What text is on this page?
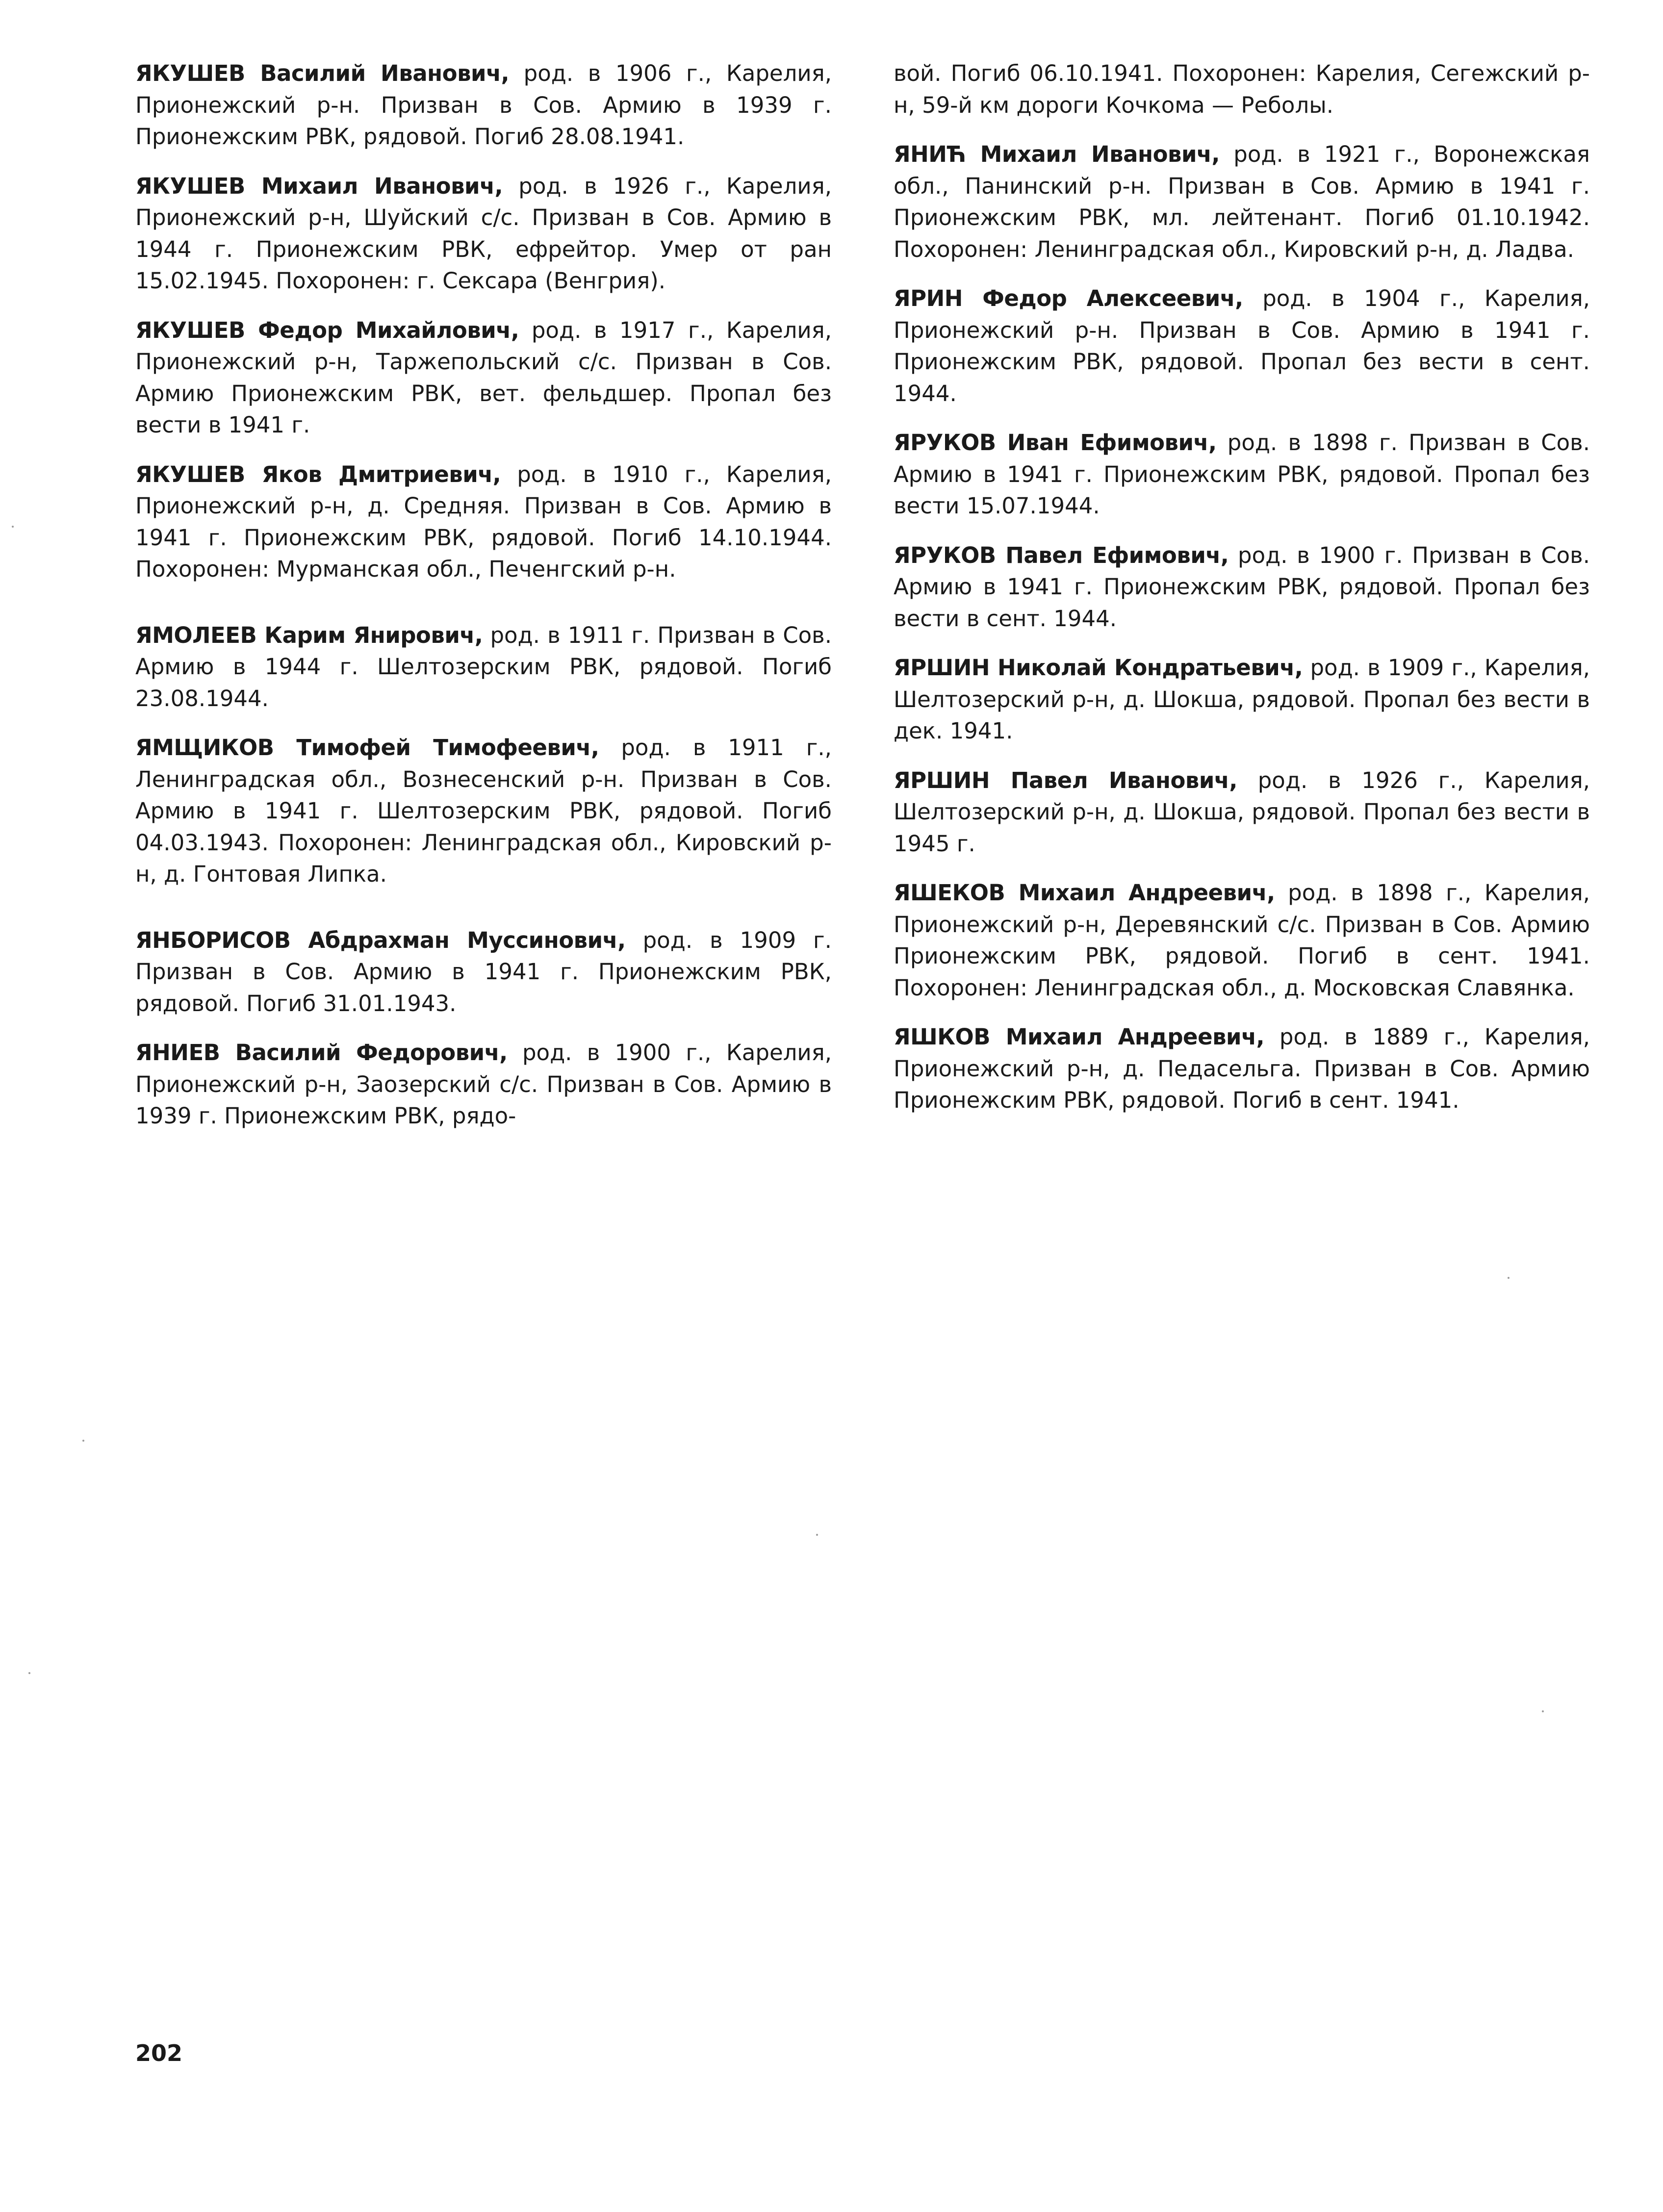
ЯКУШЕВ Василий Иванович, род. в 1906 г., Карелия, Прионежский р-н. Призван в Сов. Армию в 1939 г. Прионежским РВК, рядовой. Погиб 28.08.1941.

ЯКУШЕВ Михаил Иванович, род. в 1926 г., Карелия, Прионежский р-н, Шуйский с/с. Призван в Сов. Армию в 1944 г. Прионежским РВК, ефрейтор. Умер от ран 15.02.1945. Похоронен: г. Сексара (Венгрия).

ЯКУШЕВ Федор Михайлович, род. в 1917 г., Карелия, Прионежский р-н, Таржепольский с/с. Призван в Сов. Армию Прионежским РВК, вет. фельдшер. Пропал без вести в 1941 г.

ЯКУШЕВ Яков Дмитриевич, род. в 1910 г., Карелия, Прионежский р-н, д. Средняя. Призван в Сов. Армию в 1941 г. Прионежским РВК, рядовой. Погиб 14.10.1944. Похоронен: Мурманская обл., Печенгский р-н.

ЯМОЛЕЕВ Карим Янирович, род. в 1911 г. Призван в Сов. Армию в 1944 г. Шелтозерским РВК, рядовой. Погиб 23.08.1944.

ЯМЩИКОВ Тимофей Тимофеевич, род. в 1911 г., Ленинградская обл., Вознесенский р-н. Призван в Сов. Армию в 1941 г. Шелтозерским РВК, рядовой. Погиб 04.03.1943. Похоронен: Ленинградская обл., Кировский р-н, д. Гонтовая Липка.

ЯНБОРИСОВ Абдрахман Муссинович, род. в 1909 г. Призван в Сов. Армию в 1941 г. Прионежским РВК, рядовой. Погиб 31.01.1943.

ЯНИЕВ Василий Федорович, род. в 1900 г., Карелия, Прионежский р-н, Заозерский с/с. Призван в Сов. Армию в 1939 г. Прионежским РВК, рядо-

вой. Погиб 06.10.1941. Похоронен: Карелия, Сегежский р-н, 59-й км дороги Кочкома — Реболы.

ЯНИЋ Михаил Иванович, род. в 1921 г., Воронежская обл., Панинский р-н. Призван в Сов. Армию в 1941 г. Прионежским РВК, мл. лейтенант. Погиб 01.10.1942. Похоронен: Ленинградская обл., Кировский р-н, д. Ладва.

ЯРИН Федор Алексеевич, род. в 1904 г., Карелия, Прионежский р-н. Призван в Сов. Армию в 1941 г. Прионежским РВК, рядовой. Пропал без вести в сент. 1944.

ЯРУКОВ Иван Ефимович, род. в 1898 г. Призван в Сов. Армию в 1941 г. Прионежским РВК, рядовой. Пропал без вести 15.07.1944.

ЯРУКОВ Павел Ефимович, род. в 1900 г. Призван в Сов. Армию в 1941 г. Прионежским РВК, рядовой. Пропал без вести в сент. 1944.

ЯРШИН Николай Кондратьевич, род. в 1909 г., Карелия, Шелтозерский р-н, д. Шокша, рядовой. Пропал без вести в дек. 1941.

ЯРШИН Павел Иванович, род. в 1926 г., Карелия, Шелтозерский р-н, д. Шокша, рядовой. Пропал без вести в 1945 г.

ЯШЕКОВ Михаил Андреевич, род. в 1898 г., Карелия, Прионежский р-н, Деревянский с/с. Призван в Сов. Армию Прионежским РВК, рядовой. Погиб в сент. 1941. Похоронен: Ленинградская обл., д. Московская Славянка.

ЯШКОВ Михаил Андреевич, род. в 1889 г., Карелия, Прионежский р-н, д. Педасельга. Призван в Сов. Армию Прионежским РВК, рядовой. Погиб в сент. 1941.

202
